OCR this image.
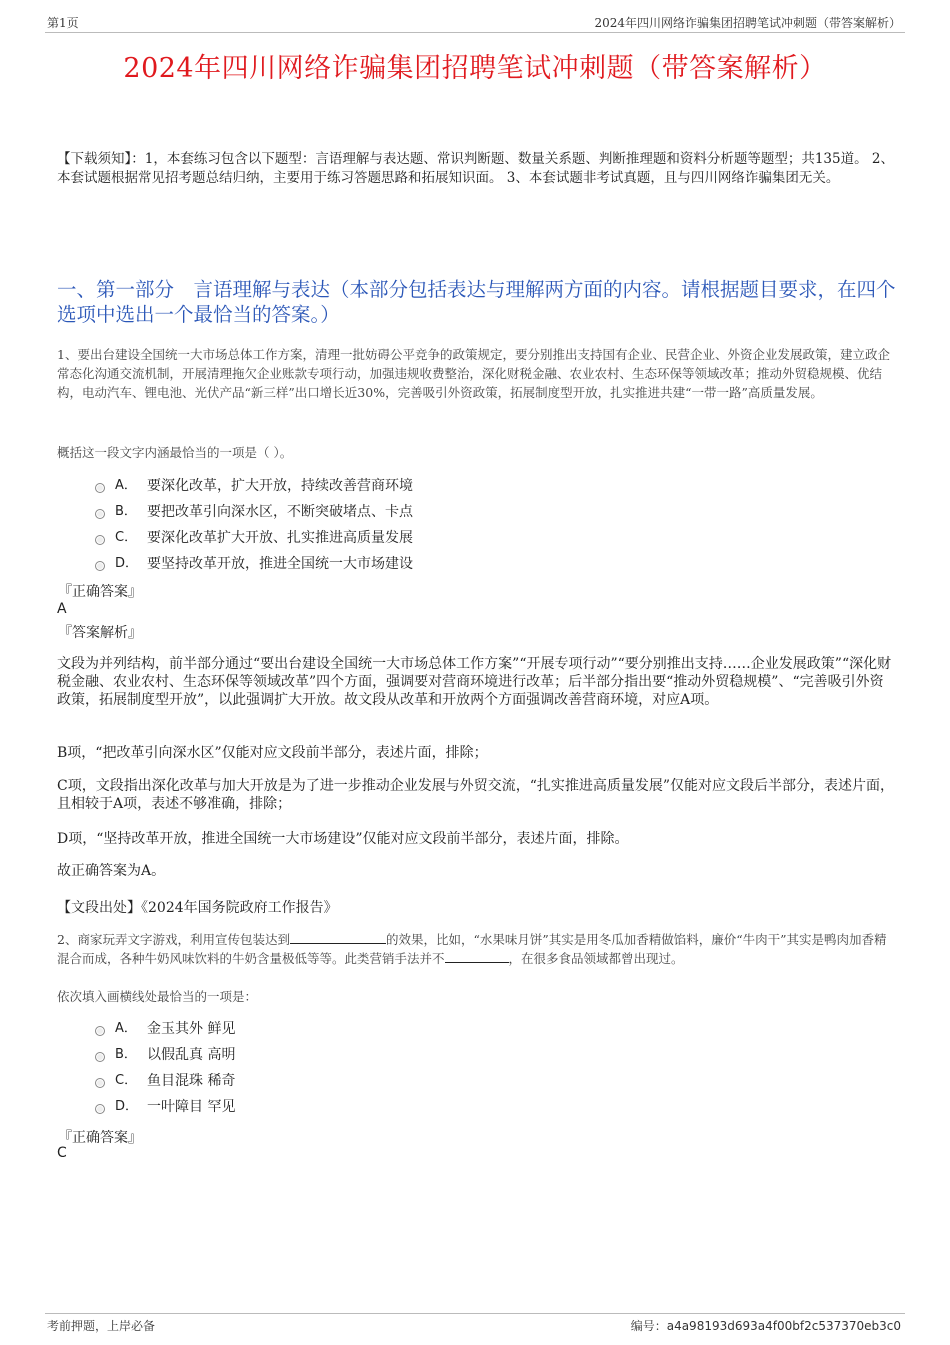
第1页	2024年四川网络诈骗集团招聘笔试冲刺题（带答案解析）
2024年四川网络诈骗集团招聘笔试冲刺题（带答案解析）
【下载须知】：1，本套练习包含以下题型：言语理解与表达题、常识判断题、数量关系题、判断推理题和资料分析题等题型；共135道。 2、本套试题根据常见招考题总结归纳，主要用于练习答题思路和拓展知识面。 3、本套试题非考试真题，且与四川网络诈骗集团无关。
一、第一部分　言语理解与表达（本部分包括表达与理解两方面的内容。请根据题目要求，在四个选项中选出一个最恰当的答案。）
1、要出台建设全国统一大市场总体工作方案，清理一批妨碍公平竞争的政策规定，要分别推出支持国有企业、民营企业、外资企业发展政策，建立政企常态化沟通交流机制，开展清理拖欠企业账款专项行动，加强违规收费整治，深化财税金融、农业农村、生态环保等领域改革；推动外贸稳规模、优结构，电动汽车、锂电池、光伏产品“新三样”出口增长近30%，完善吸引外资政策，拓展制度型开放，扎实推进共建“一带一路”高质量发展。
概括这一段文字内涵最恰当的一项是（ ）。
A． 要深化改革，扩大开放，持续改善营商环境
B． 要把改革引向深水区，不断突破堵点、卡点
C． 要深化改革扩大开放、扎实推进高质量发展
D． 要坚持改革开放，推进全国统一大市场建设
『正确答案』
A
『答案解析』
文段为并列结构，前半部分通过“要出台建设全国统一大市场总体工作方案”“开展专项行动”“要分别推出支持……企业发展政策”“深化财税金融、农业农村、生态环保等领域改革”四个方面，强调要对营商环境进行改革；后半部分指出要“推动外贸稳规模”、“完善吸引外资政策，拓展制度型开放”，以此强调扩大开放。故文段从改革和开放两个方面强调改善营商环境，对应A项。
B项，“把改革引向深水区”仅能对应文段前半部分，表述片面，排除；
C项，文段指出深化改革与加大开放是为了进一步推动企业发展与外贸交流，“扎实推进高质量发展”仅能对应文段后半部分，表述片面，且相较于A项，表述不够准确，排除；
D项，“坚持改革开放，推进全国统一大市场建设”仅能对应文段前半部分，表述片面，排除。
故正确答案为A。
【文段出处】《2024年国务院政府工作报告》
2、商家玩弄文字游戏，利用宣传包装达到	的效果，比如，“水果味月饼”其实是用冬瓜加香精做馅料，廉价“牛肉干”其实是鸭肉加香精混合而成，各种牛奶风味饮料的牛奶含量极低等等。此类营销手法并不	，在很多食品领域都曾出现过。
依次填入画横线处最恰当的一项是：
A． 金玉其外 鲜见
B． 以假乱真 高明
C． 鱼目混珠 稀奇
D． 一叶障目 罕见
『正确答案』
C
考前押题，上岸必备	编号：a4a98193d693a4f00bf2c537370eb3c0
